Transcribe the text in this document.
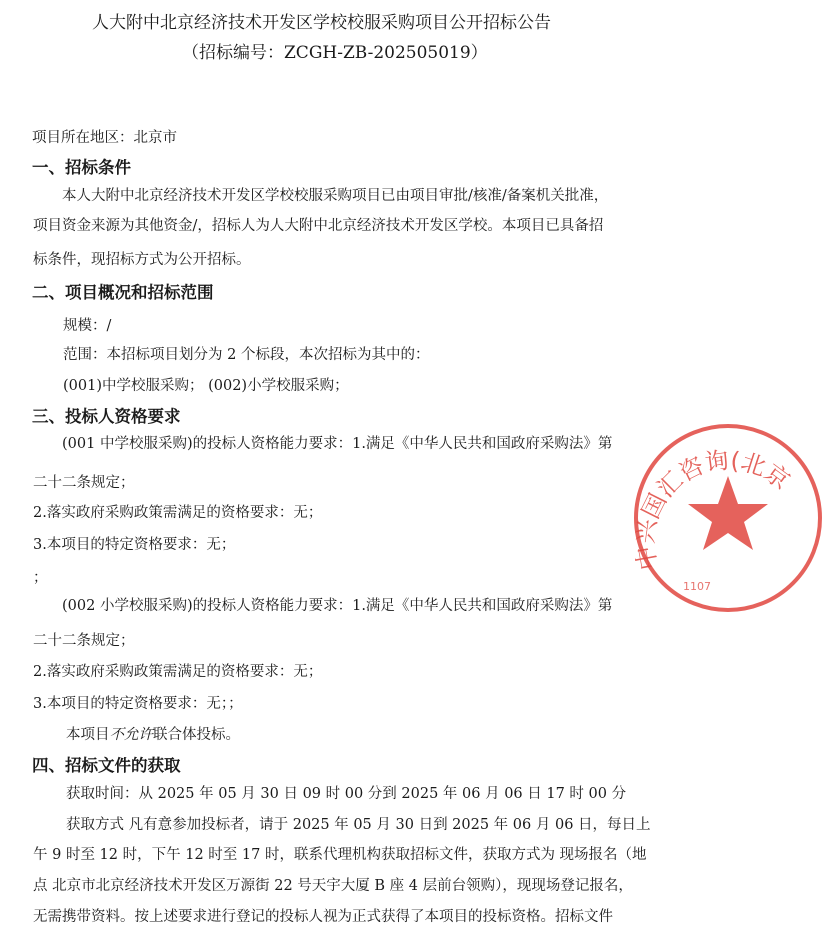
人大附中北京经济技术开发区学校校服采购项目公开招标公告
（招标编号：ZCGH-ZB-202505019）
项目所在地区：北京市
一、招标条件
本人大附中北京经济技术开发区学校校服采购项目已由项目审批/核准/备案机关批准，
项目资金来源为其他资金/，招标人为人大附中北京经济技术开发区学校。本项目已具备招
标条件，现招标方式为公开招标。
二、项目概况和招标范围
规模：/
范围：本招标项目划分为 2 个标段，本次招标为其中的：
(001)中学校服采购； (002)小学校服采购；
三、投标人资格要求
(001 中学校服采购)的投标人资格能力要求：1.满足《中华人民共和国政府采购法》第
二十二条规定；
2.落实政府采购政策需满足的资格要求：无；
3.本项目的特定资格要求：无；
；
(002 小学校服采购)的投标人资格能力要求：1.满足《中华人民共和国政府采购法》第
二十二条规定；
2.落实政府采购政策需满足的资格要求：无；
3.本项目的特定资格要求：无；；
本项目不允许联合体投标。
四、招标文件的获取
获取时间：从 2025 年 05 月 30 日 09 时 00 分到 2025 年 06 月 06 日 17 时 00 分
获取方式 凡有意参加投标者，请于 2025 年 05 月 30 日到 2025 年 06 月 06 日，每日上
午 9 时至 12 时，下午 12 时至 17 时，联系代理机构获取招标文件，获取方式为 现场报名（地
点 北京市北京经济技术开发区万源街 22 号天宇大厦 B 座 4 层前台领购），现现场登记报名，
无需携带资料。按上述要求进行登记的投标人视为正式获得了本项目的投标资格。招标文件
中兴国汇咨询(北京
1107
